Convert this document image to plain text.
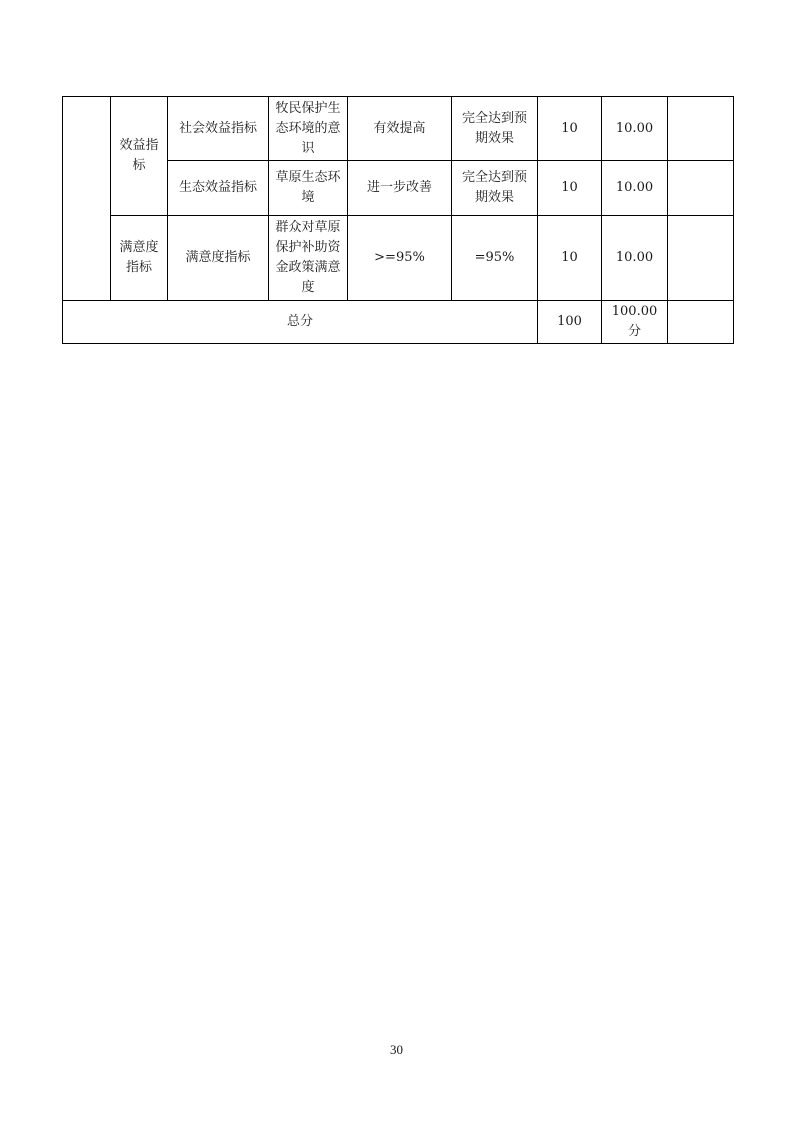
	效益指标	社会效益指标	牧民保护生态环境的意识	有效提高	完全达到预期效果	10	10.00	
		生态效益指标	草原生态环境	进一步改善	完全达到预期效果	10	10.00	
	满意度指标	满意度指标	群众对草原保护补助资金政策满意度	>=95%	=95%	10	10.00	
总分						100	100.00分	
30
